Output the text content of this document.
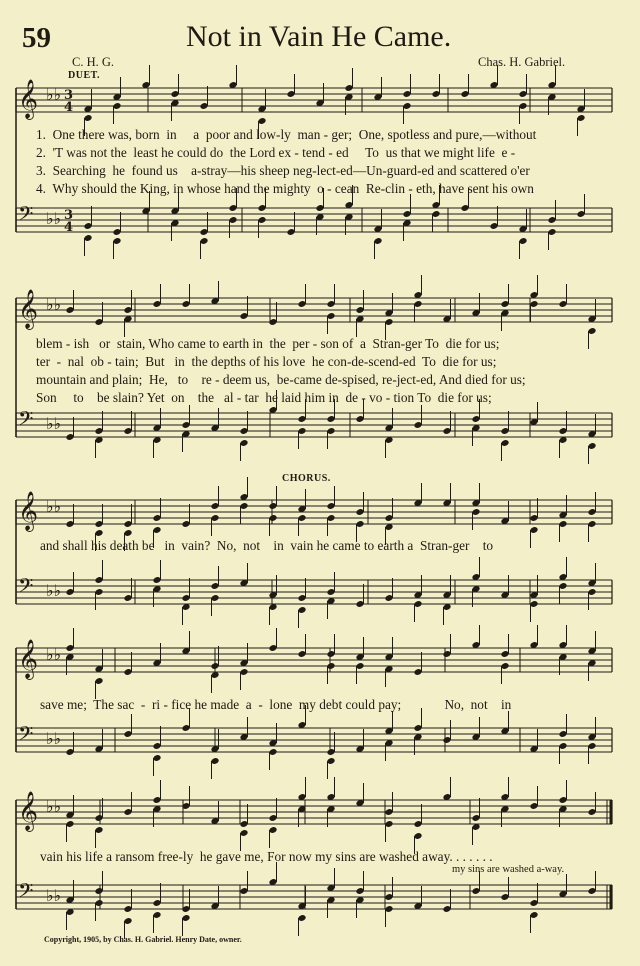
59	Not in Vain He Came.
C. H. G.	Chas. H. Gabriel.
DUET.
CHORUS.
𝄞 ♭♭ 3
4
𝄢 ♭♭ 3
4
𝄞 ♭♭
𝄢 ♭♭
𝄞 ♭♭
𝄢 ♭♭
𝄞 ♭♭
𝄢 ♭♭
𝄞 ♭♭
𝄢 ♭♭
1.  One there was, born  in     a  poor and low-ly  man - ger;  One, spotless and pure,—without
2.  'T was not the  least he could do  the Lord ex - tend - ed     To  us that we might life  e -
3.  Searching  he  found us    a-stray—his sheep neg-lect-ed—Un-guard-ed and scattered o'er
4.  Why should the King, in whose hand the mighty  o - cean  Re-clin - eth, have sent his own
blem - ish   or  stain, Who came to earth in  the  per - son of  a  Stran-ger To  die for us;
ter  -  nal  ob - tain;  But   in  the depths of his love  he con-de-scend-ed  To  die for us;
mountain and plain;  He,   to    re - deem us,  be-came de-spised, re-ject-ed, And died for us;
Son     to    be slain? Yet  on    the   al - tar  he laid him in  de - vo - tion To  die for us;
and shall his death be   in  vain?  No,  not    in  vain he came to earth a  Stran-ger    to
save me;  The sac  -  ri - fice he made  a  -  lone  my debt could pay;             No,  not    in
vain his life a ransom free-ly  he gave me, For now my sins are washed away. . . . . . .
my sins are washed a-way.
Copyright, 1905, by Chas. H. Gabriel. Henry Date, owner.
